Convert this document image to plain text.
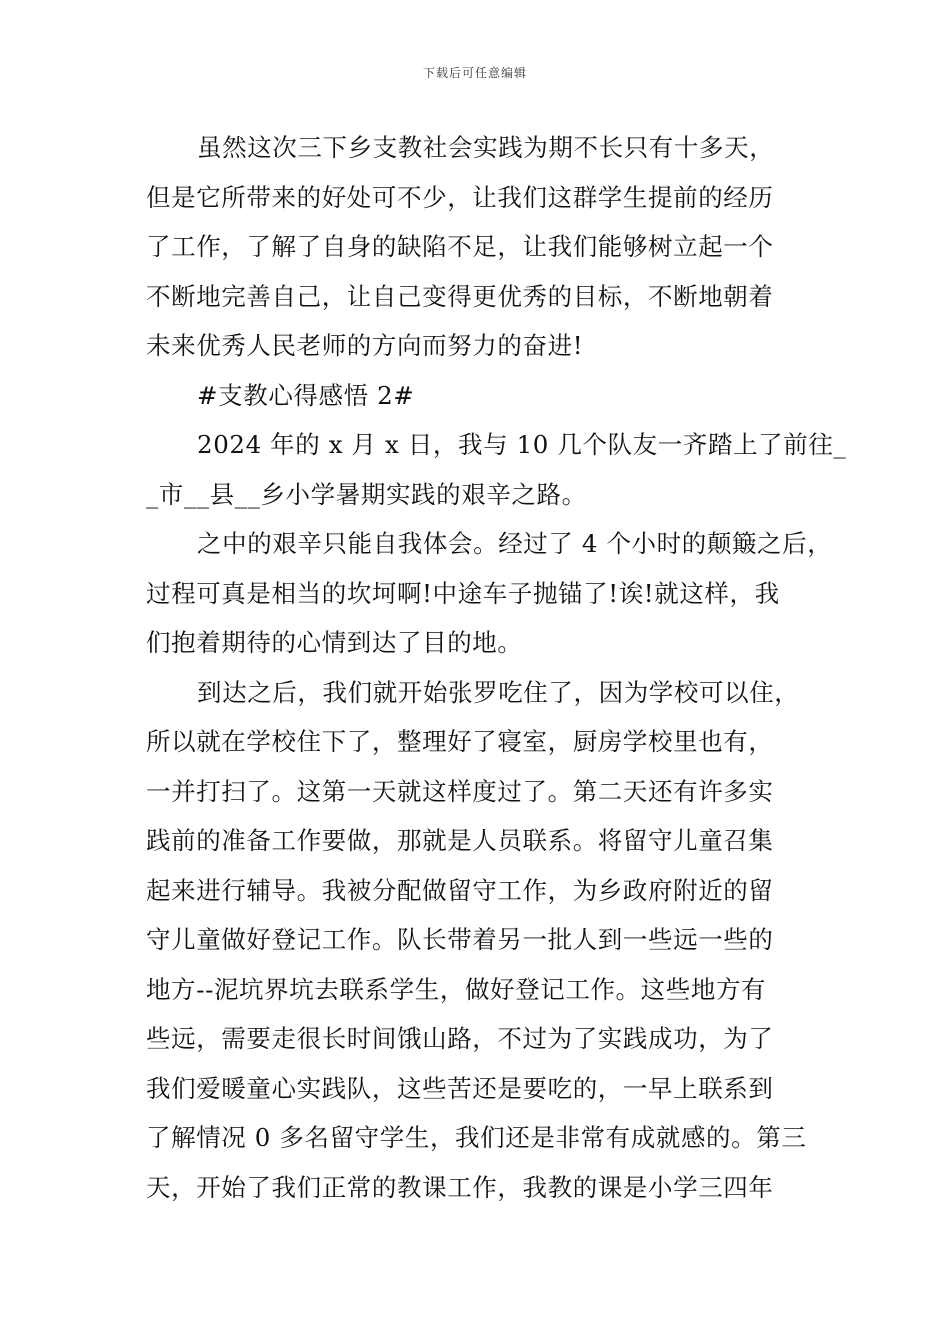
下载后可任意编辑
虽然这次三下乡支教社会实践为期不长只有十多天，
但是它所带来的好处可不少，让我们这群学生提前的经历
了工作，了解了自身的缺陷不足，让我们能够树立起一个
不断地完善自己，让自己变得更优秀的目标，不断地朝着
未来优秀人民老师的方向而努力的奋进!
#支教心得感悟 2#
2024 年的 x 月 x 日，我与 10 几个队友一齐踏上了前往_
_市__县__乡小学暑期实践的艰辛之路。
之中的艰辛只能自我体会。经过了 4 个小时的颠簸之后，
过程可真是相当的坎坷啊!中途车子抛锚了!诶!就这样，我
们抱着期待的心情到达了目的地。
到达之后，我们就开始张罗吃住了，因为学校可以住，
所以就在学校住下了，整理好了寝室，厨房学校里也有，
一并打扫了。这第一天就这样度过了。第二天还有许多实
践前的准备工作要做，那就是人员联系。将留守儿童召集
起来进行辅导。我被分配做留守工作，为乡政府附近的留
守儿童做好登记工作。队长带着另一批人到一些远一些的
地方--泥坑界坑去联系学生，做好登记工作。这些地方有
些远，需要走很长时间饿山路，不过为了实践成功，为了
我们爱暖童心实践队，这些苦还是要吃的，一早上联系到
了解情况 0 多名留守学生，我们还是非常有成就感的。第三
天，开始了我们正常的教课工作，我教的课是小学三四年
